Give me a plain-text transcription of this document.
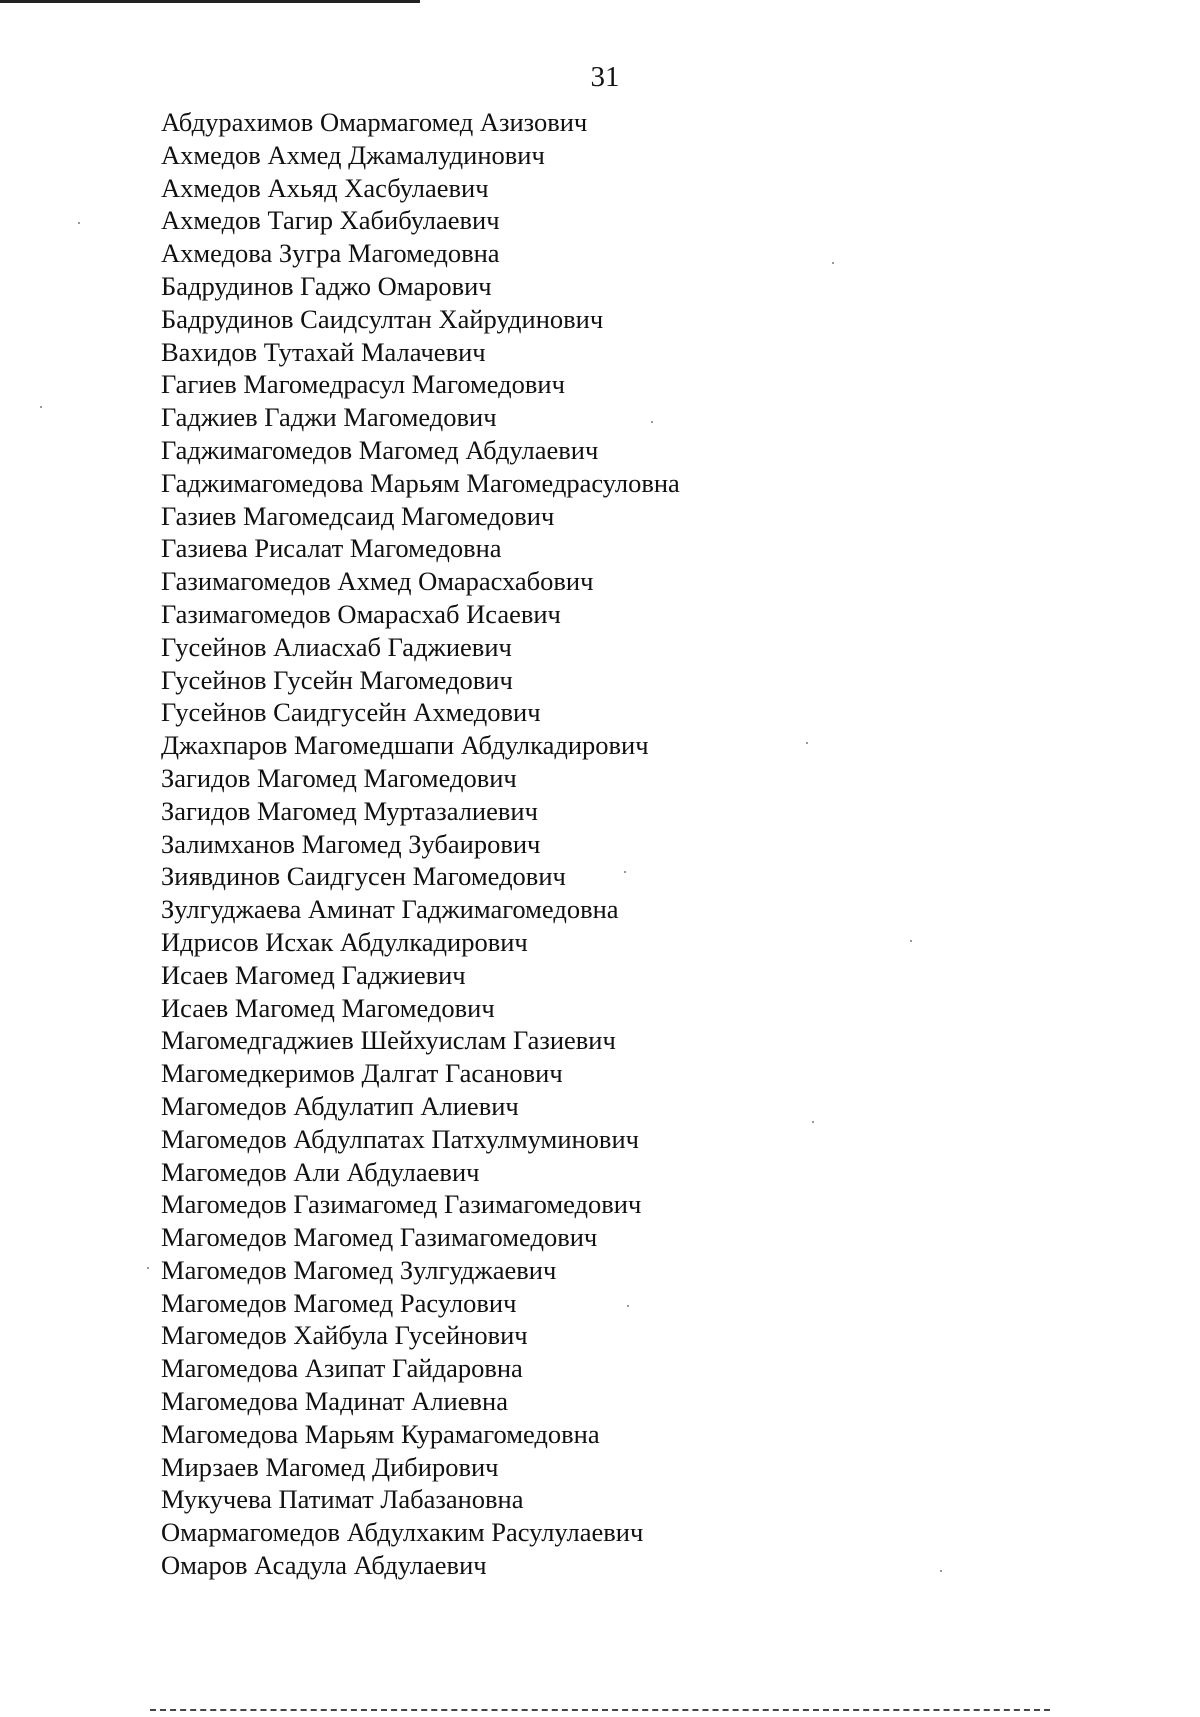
31
Абдурахимов Омармагомед Азизович
Ахмедов Ахмед Джамалудинович
Ахмедов Ахьяд Хасбулаевич
Ахмедов Тагир Хабибулаевич
Ахмедова Зугра Магомедовна
Бадрудинов Гаджо Омарович
Бадрудинов Саидсултан Хайрудинович
Вахидов Тутахай Малачевич
Гагиев Магомедрасул Магомедович
Гаджиев Гаджи Магомедович
Гаджимагомедов Магомед Абдулаевич
Гаджимагомедова Марьям Магомедрасуловна
Газиев Магомедсаид Магомедович
Газиева Рисалат Магомедовна
Газимагомедов Ахмед Омарасхабович
Газимагомедов Омарасхаб Исаевич
Гусейнов Алиасхаб Гаджиевич
Гусейнов Гусейн Магомедович
Гусейнов Саидгусейн Ахмедович
Джахпаров Магомедшапи Абдулкадирович
Загидов Магомед Магомедович
Загидов Магомед Муртазалиевич
Залимханов Магомед Зубаирович
Зиявдинов Саидгусен Магомедович
Зулгуджаева Аминат Гаджимагомедовна
Идрисов Исхак Абдулкадирович
Исаев Магомед Гаджиевич
Исаев Магомед Магомедович
Магомедгаджиев Шейхуислам Газиевич
Магомедкеримов Далгат Гасанович
Магомедов Абдулатип Алиевич
Магомедов Абдулпатах Патхулмуминович
Магомедов Али Абдулаевич
Магомедов Газимагомед Газимагомедович
Магомедов Магомед Газимагомедович
Магомедов Магомед Зулгуджаевич
Магомедов Магомед Расулович
Магомедов Хайбула Гусейнович
Магомедова Азипат Гайдаровна
Магомедова Мадинат Алиевна
Магомедова Марьям Курамагомедовна
Мирзаев Магомед Дибирович
Мукучева Патимат Лабазановна
Омармагомедов Абдулхаким Расулулаевич
Омаров Асадула Абдулаевич
